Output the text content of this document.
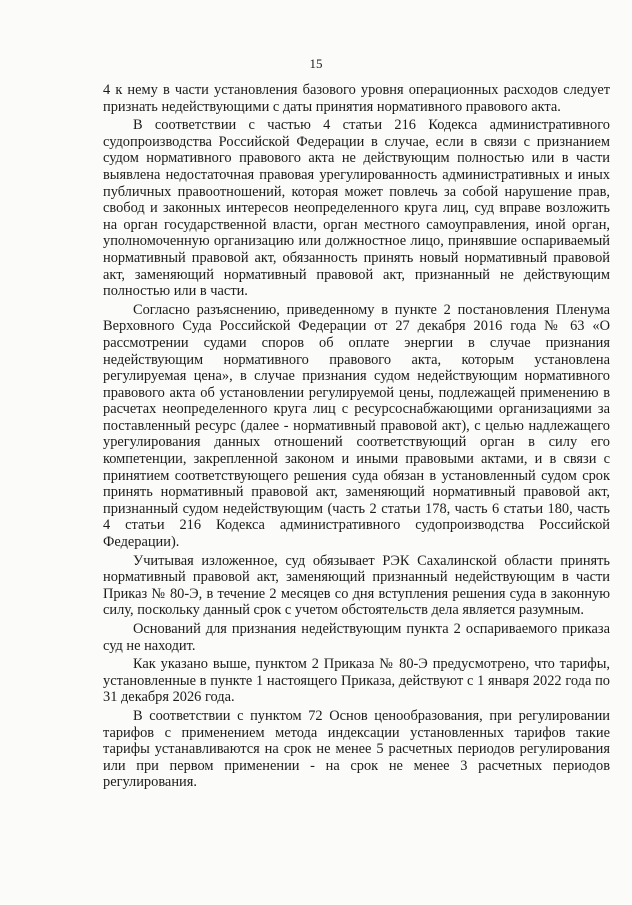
15

4 к нему в части установления базового уровня операционных расходов следует признать недействующими с даты принятия нормативного правового акта.

В соответствии с частью 4 статьи 216 Кодекса административного судопроизводства Российской Федерации в случае, если в связи с признанием судом нормативного правового акта не действующим полностью или в части выявлена недостаточная правовая урегулированность административных и иных публичных правоотношений, которая может повлечь за собой нарушение прав, свобод и законных интересов неопределенного круга лиц, суд вправе возложить на орган государственной власти, орган местного самоуправления, иной орган, уполномоченную организацию или должностное лицо, принявшие оспариваемый нормативный правовой акт, обязанность принять новый нормативный правовой акт, заменяющий нормативный правовой акт, признанный не действующим полностью или в части.

Согласно разъяснению, приведенному в пункте 2 постановления Пленума Верховного Суда Российской Федерации от 27 декабря 2016 года № 63 «О рассмотрении судами споров об оплате энергии в случае признания недействующим нормативного правового акта, которым установлена регулируемая цена», в случае признания судом недействующим нормативного правового акта об установлении регулируемой цены, подлежащей применению в расчетах неопределенного круга лиц с ресурсоснабжающими организациями за поставленный ресурс (далее - нормативный правовой акт), с целью надлежащего урегулирования данных отношений соответствующий орган в силу его компетенции, закрепленной законом и иными правовыми актами, и в связи с принятием соответствующего решения суда обязан в установленный судом срок принять нормативный правовой акт, заменяющий нормативный правовой акт, признанный судом недействующим (часть 2 статьи 178, часть 6 статьи 180, часть 4 статьи 216 Кодекса административного судопроизводства Российской Федерации).

Учитывая изложенное, суд обязывает РЭК Сахалинской области принять нормативный правовой акт, заменяющий признанный недействующим в части Приказ № 80-Э, в течение 2 месяцев со дня вступления решения суда в законную силу, поскольку данный срок с учетом обстоятельств дела является разумным.

Оснований для признания недействующим пункта 2 оспариваемого приказа суд не находит.

Как указано выше, пунктом 2 Приказа № 80-Э предусмотрено, что тарифы, установленные в пункте 1 настоящего Приказа, действуют с 1 января 2022 года по 31 декабря 2026 года.

В соответствии с пунктом 72 Основ ценообразования, при регулировании тарифов с применением метода индексации установленных тарифов такие тарифы устанавливаются на срок не менее 5 расчетных периодов регулирования или при первом применении - на срок не менее 3 расчетных периодов регулирования.
